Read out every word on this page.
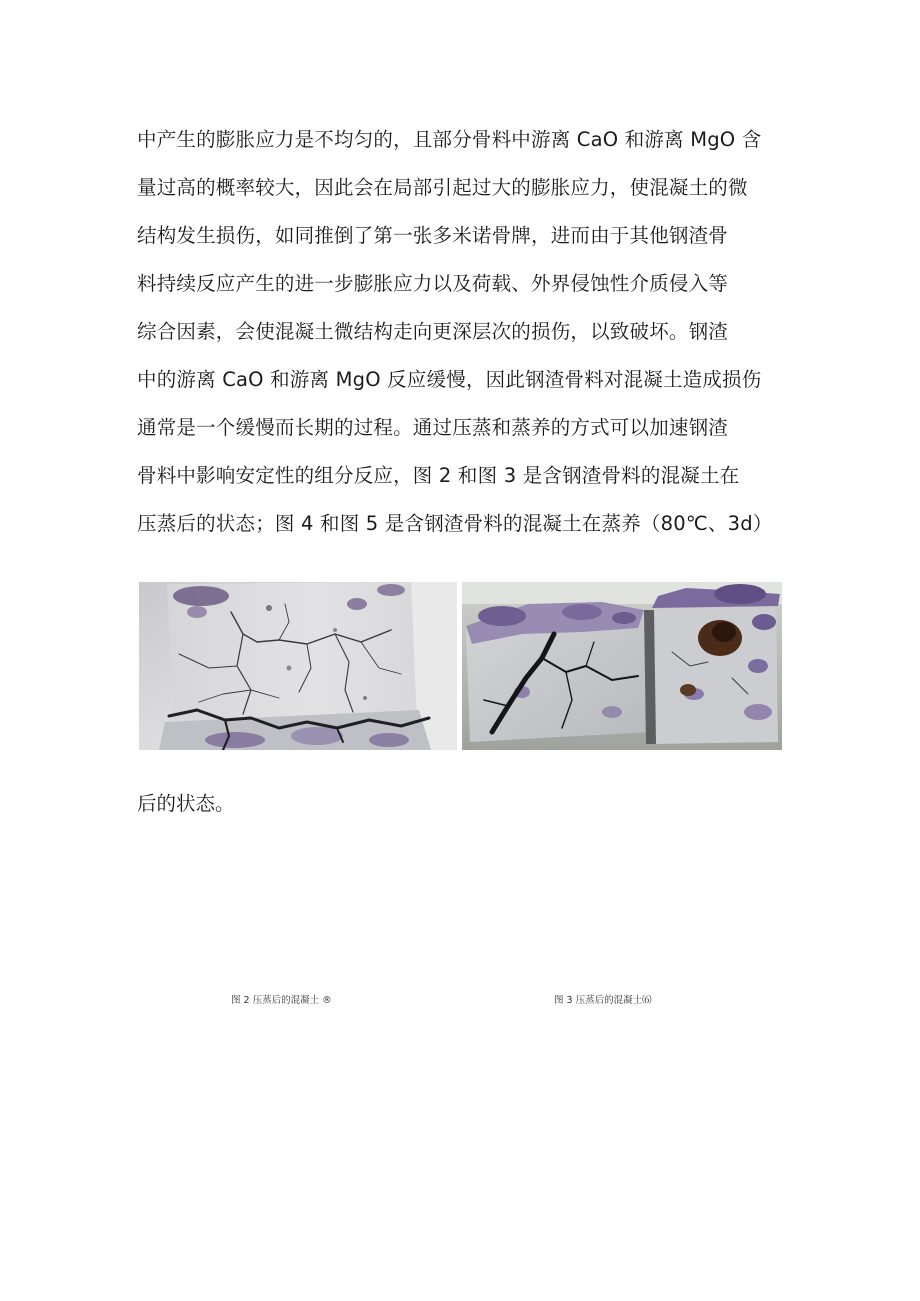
中产生的膨胀应力是不均匀的，且部分骨料中游离 CaO 和游离 MgO 含
量过高的概率较大，因此会在局部引起过大的膨胀应力，使混凝土的微
结构发生损伤，如同推倒了第一张多米诺骨牌，进而由于其他钢渣骨
料持续反应产生的进一步膨胀应力以及荷载、外界侵蚀性介质侵入等
综合因素，会使混凝土微结构走向更深层次的损伤，以致破坏。钢渣
中的游离 CaO 和游离 MgO 反应缓慢，因此钢渣骨料对混凝土造成损伤
通常是一个缓慢而长期的过程。通过压蒸和蒸养的方式可以加速钢渣
骨料中影响安定性的组分反应，图 2 和图 3 是含钢渣骨料的混凝土在
压蒸后的状态；图 4 和图 5 是含钢渣骨料的混凝土在蒸养（80℃、3d）
后的状态。
图 2 压蒸后的混凝土 ®	图 3 压蒸后的混凝土⑹
